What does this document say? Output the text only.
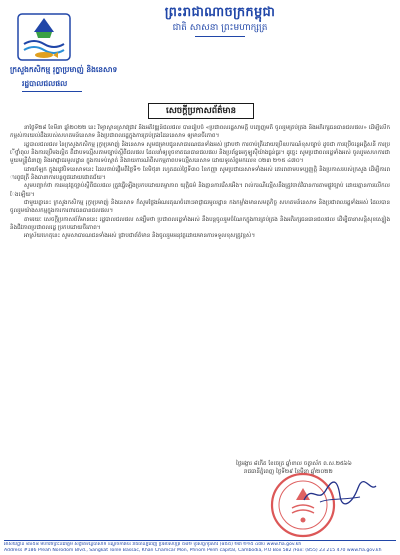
ព្រះរាជាណាចក្រកម្ពុជា
ជាតិ សាសនា ព្រះមហាក្សត្រ
ក្រសួងកសិកម្ម រុក្ខាប្រមាញ់ និងនេសាទ
រដ្ឋបាលជលផល
សេចក្តីប្រកាសព័ត៌មាន

នាថ្ងៃទី២៨ ខែមីនា ឆ្នាំ២០២២ នេះ វិទ្យាស្ថានស្រាវជ្រាវ និងអភិវឌ្ឍន៍ជលផល បានរៀបចំ «ប្រជាពលរដ្ឋសាមគ្គី បញ្ចេញមតិ ចូលរួមគ្រប់គ្រង និងអភិរក្សធនធានជលផល» ដើម្បីលើកកម្ពស់ការយល់ដឹងរបស់សហគមន៍នេសាទ និងប្រជាពលរដ្ឋក្នុងការគ្រប់គ្រងដែននេសាទ ឲ្យមានចីរភាព។

រដ្ឋបាលជលផល នៃក្រសួងកសិកម្ម រុក្ខាប្រមាញ់ និងនេសាទ សូមជម្រាបជូនសាធារណជនទាំងអស់ ជ្រាបថា ការចាប់ត្រីដោយប្រើឧបករណ៍ខុសច្បាប់ ដូចជា ការប្រើចរន្តអគ្គិសនី ការប្រើថ្នាំពុល និងការប្រើមងល្អិត គឺជាបទល្មើសតាមច្បាប់ស្តីពីជលផល ដែលនាំឲ្យខូចខាតធនធានជលផល និងប្រព័ន្ធអេកូឡូស៊ីយ៉ាងធ្ងន់ធ្ងរ។ ដូច្នេះ សូមប្រជាពលរដ្ឋទាំងអស់ ចូលរួមសហការជាមួយមន្ត្រីជំនាញ និងអាជ្ញាធរមូលដ្ឋាន ក្នុងការទប់ស្កាត់ និងរាយការណ៍ពីសកម្មភាពបទល្មើសនេសាទ ដោយទូរស័ព្ទមកលេខ ០២៣ ២១៥ ៤៧០។

ដោយឡែក ក្នុងរដូវបិទនេសាទនេះ ដែលចាប់ផ្តើមពីថ្ងៃទី១ ខែមិថុនា រហូតដល់ថ្ងៃទី៣០ ខែកញ្ញា សូមប្រជានេសាទទាំងអស់ គោរពតាមបទប្បញ្ញត្តិ និងប្រកាសរបស់ក្រសួង ដើម្បីការពារពូជត្រី និងធានាការបន្តពូជដោយជោគជ័យ។

សូមបញ្ជាក់ថា ការអនុវត្តច្បាប់ស្តីពីជលផល ត្រូវធ្វើឡើងប្រកបដោយតម្លាភាព យុត្តិធម៌ និងគ្មានការរើសអើង។ រាល់ករណីល្មើសនឹងត្រូវចាត់វិធានការតាមផ្លូវច្បាប់ ដោយគ្មានការលើកលែងឡើយ។

ជាមួយគ្នានេះ ក្រសួងកសិកម្ម រុក្ខាប្រមាញ់ និងនេសាទ ក៏សូមថ្លែងអំណរគុណចំពោះអាជ្ញាធរមូលដ្ឋាន កងកម្លាំងមានសមត្ថកិច្ច សហគមន៍នេសាទ និងប្រជាពលរដ្ឋទាំងអស់ ដែលបានចូលរួមយ៉ាងសកម្មក្នុងការការពារធនធានជលផល។

តាមរយៈ សេចក្តីប្រកាសព័ត៌មាននេះ រដ្ឋបាលជលផល សង្ឃឹមថា ប្រជាពលរដ្ឋទាំងអស់ នឹងបន្តចូលរួមចំណែកក្នុងការគ្រប់គ្រង និងអភិរក្សធនធានជលផល ដើម្បីធានាសន្តិសុខស្បៀង និងជីវភាពប្រជាពលរដ្ឋ ប្រកបដោយចីរភាព។

អាស្រ័យហេតុនេះ សូមសាធារណជនទាំងអស់ ជ្រាបជាព័ត៌មាន និងចូលរួមអនុវត្តដោយមានការទទួលខុសត្រូវខ្ពស់។

ថ្ងៃអង្គារ ៨កើត ខែចេត្រ ឆ្នាំខាល ចត្វាស័ក ព.ស.២៥៦៦
រាជធានីភ្នំពេញ ថ្ងៃទី២៩ ខែមីនា ឆ្នាំ២០២២
អាសយដ្ឋាន ៨៦៥៨ មហាវិថីព្រះនរោត្តម សង្កាត់ទន្លេបាសាក់ ខណ្ឌចំការមន រាជធានីភ្នំពេញ ប្រអប់សំបុត្រ ៥៨២ ទូរស័ព្ទ/ទូរសារ (៨៥៥) ២៣ ២១៥ ៤៧០ www.fia.gov.kh
Address #186 Preah Norodom Blvd., Sangkat Tonle Bassac, Khan Chamcar Mon, Phnom Penh capital, Cambodia, P.O Box 582 /Fax: (855) 23 215 470 www.fia.gov.kh
